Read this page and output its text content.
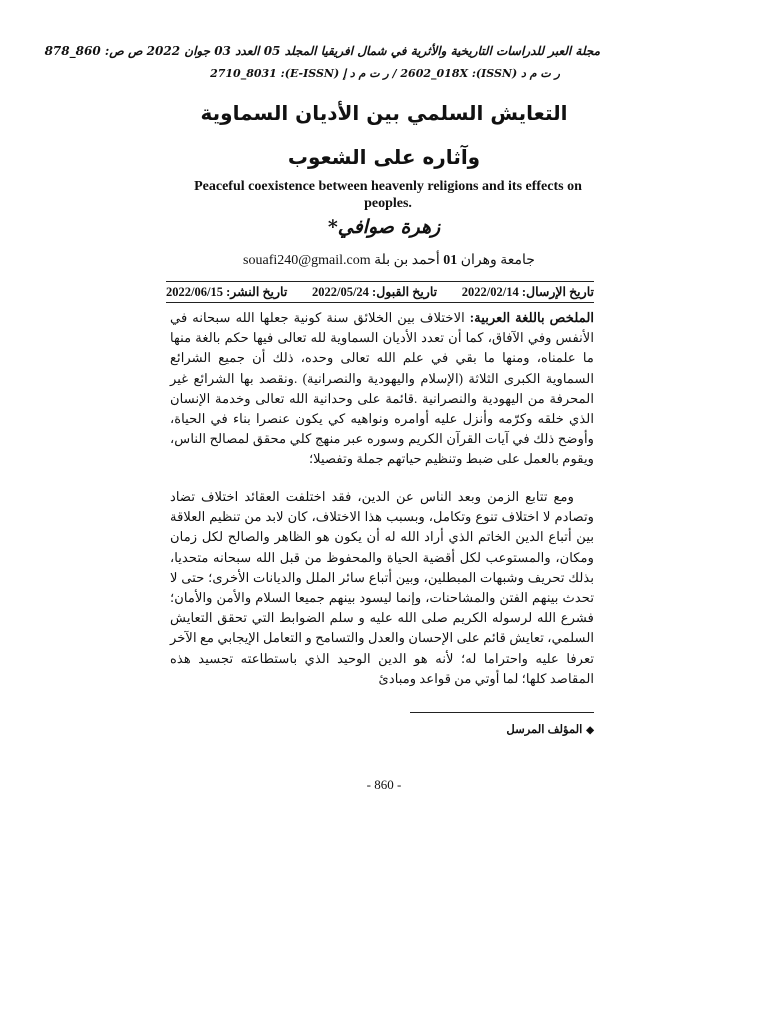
مجلة العبر للدراسات التاريخية والأثرية في شمال افريقيا المجلد 05 العدد 03 جوان 2022 ص ص: 860_878
ر ت م د (ISSN): 2602_018X / ر ت م د إ (E-ISSN): 2710_8031
التعايش السلمي بين الأديان السماوية
وآثاره على الشعوب
Peaceful coexistence between heavenly religions and its effects on peoples.
زهرة صوافي*
جامعة وهران 01 أحمد بن بلة souafi240@gmail.com
تاريخ الإرسال: 2022/02/14
تاريخ القبول: 2022/05/24
تاريخ النشر: 2022/06/15
الملخص باللغة العربية: الاختلاف بين الخلائق سنة كونية جعلها الله سبحانه في الأنفس وفي الآفاق، كما أن تعدد الأديان السماوية لله تعالى فيها حكم بالغة منها ما علمناه، ومنها ما بقي في علم الله تعالى وحده، ذلك أن جميع الشرائع السماوية الكبرى الثلاثة (الإسلام واليهودية والنصرانية) .ونقصد بها الشرائع غير المحرفة من اليهودية والنصرانية .قائمة على وحدانية الله تعالى وخدمة الإنسان الذي خلقه وكرّمه وأنزل عليه أوامره ونواهيه كي يكون عنصرا بناء في الحياة، وأوضح ذلك في آيات القرآن الكريم وسوره عبر منهج كلي محقق لمصالح الناس، ويقوم بالعمل على ضبط وتنظيم حياتهم جملة وتفصيلا؛
ومع تتابع الزمن وبعد الناس عن الدين، فقد اختلفت العقائد اختلاف تضاد وتصادم لا اختلاف تنوع وتكامل، وبسبب هذا الاختلاف، كان لابد من تنظيم العلاقة بين أتباع الدين الخاتم الذي أراد الله له أن يكون هو الظاهر والصالح لكل زمان ومكان، والمستوعب لكل أقضية الحياة والمحفوظ من قبل الله سبحانه متحديا، بذلك تحريف وشبهات المبطلين، وبين أتباع سائر الملل والديانات الأخرى؛ حتى لا تحدث بينهم الفتن والمشاحنات، وإنما ليسود بينهم جميعا السلام والأمن والأمان؛ فشرع الله لرسوله الكريم صلى الله عليه و سلم الضوابط التي تحقق التعايش السلمي، تعايش قائم على الإحسان والعدل والتسامح و التعامل الإيجابي مع الآخر تعرفا عليه واحتراما له؛ لأنه هو الدين الوحيد الذي باستطاعته تجسيد هذه المقاصد كلها؛ لما أوتي من قواعد ومبادئ
◆المؤلف المرسل
- 860 -
